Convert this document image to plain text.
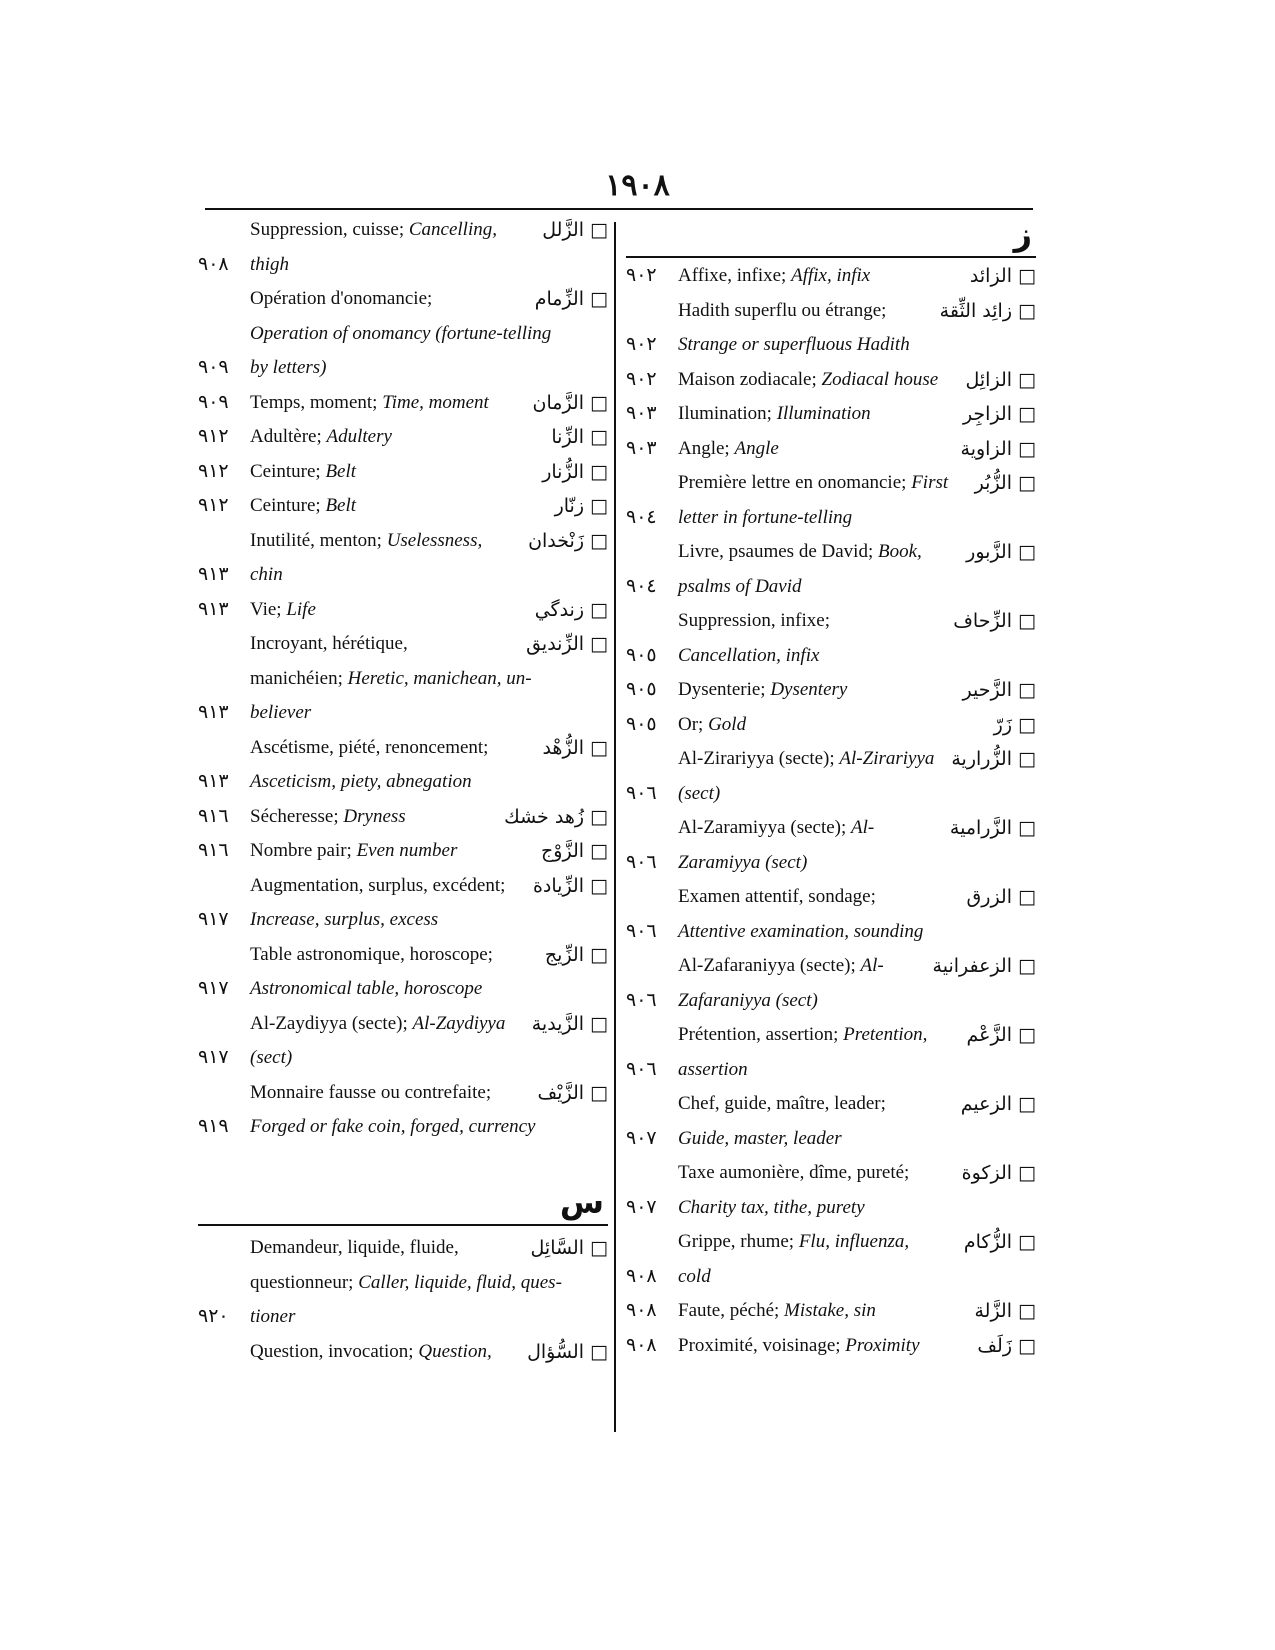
١٩٠٨
Suppression, cuisse; Cancelling, □ الزَّلل
٩٠٨	thigh
Opération d'onomancie;	□ الزِّمام
Operation of onomancy (fortune-telling
٩٠٩	by letters)
٩٠٩	Temps, moment; Time, moment □ الزَّمان
٩١٢	Adultère; Adultery	□ الزِّنا
٩١٢	Ceinture; Belt	□ الزُّنار
٩١٢	Ceinture; Belt	□ زنّار
Inutilité, menton; Uselessness, □ زَنْخدان
٩١٣	chin
٩١٣	Vie; Life	□ زندگي
Incroyant, hérétique,	□ الزِّنديق
manichéien; Heretic, manichean, un-
٩١٣	believer
Ascétisme, piété, renoncement;	□ الزُّهْد
٩١٣	Asceticism, piety, abnegation
٩١٦	Sécheresse; Dryness	□ زُهد خشك
٩١٦	Nombre pair; Even number	□ الزَّوْج
Augmentation, surplus, excédent; □ الزِّيادة
٩١٧	Increase, surplus, excess
Table astronomique, horoscope;	□ الزِّيج
٩١٧	Astronomical table, horoscope
Al-Zaydiyya (secte); Al-Zaydiyya □ الزَّيدية
٩١٧	(sect)
Monnaire fausse ou contrefaite; □ الزَّيْف
٩١٩	Forged or fake coin, forged, currency
س
Demandeur, liquide, fluide,	□ السَّائِل
questionneur; Caller, liquide, fluid, ques-
٩٢٠	tioner
Question, invocation; Question, □ السُّؤال
ز
٩٠٢	Affixe, infixe; Affix, infix	□ الزائد
Hadith superflu ou étrange;	□ زائِد الثِّقة
٩٠٢	Strange or superfluous Hadith
٩٠٢	Maison zodiacale; Zodiacal house □ الزائِل
٩٠٣	Ilumination; Illumination	□ الزاجِر
٩٠٣	Angle; Angle	□ الزاوية
Première lettre en onomancie; First □ الزُّبُر
٩٠٤	letter in fortune-telling
Livre, psaumes de David; Book, □ الزَّبور
٩٠٤	psalms of David
Suppression, infixe;	□ الزِّحاف
٩٠٥	Cancellation, infix
٩٠٥	Dysenterie; Dysentery	□ الزَّحير
٩٠٥	Or; Gold	□ زَرّ
Al-Zirariyya (secte); Al-Zirariyya □ الزُّرارية
٩٠٦	(sect)
Al-Zaramiyya (secte); Al-	□ الزَّرامية
٩٠٦	Zaramiyya (sect)
Examen attentif, sondage;	□ الزرق
٩٠٦	Attentive examination, sounding
Al-Zafaraniyya (secte); Al-	□ الزعفرانية
٩٠٦	Zafaraniyya (sect)
Prétention, assertion; Pretention, □ الزَّعْم
٩٠٦	assertion
Chef, guide, maître, leader;	□ الزعيم
٩٠٧	Guide, master, leader
Taxe aumonière, dîme, pureté;	□ الزكوة
٩٠٧	Charity tax, tithe, purety
Grippe, rhume; Flu, influenza,	□ الزُّكام
٩٠٨	cold
٩٠٨	Faute, péché; Mistake, sin	□ الزَّلة
٩٠٨	Proximité, voisinage; Proximity	□ زَلَف
